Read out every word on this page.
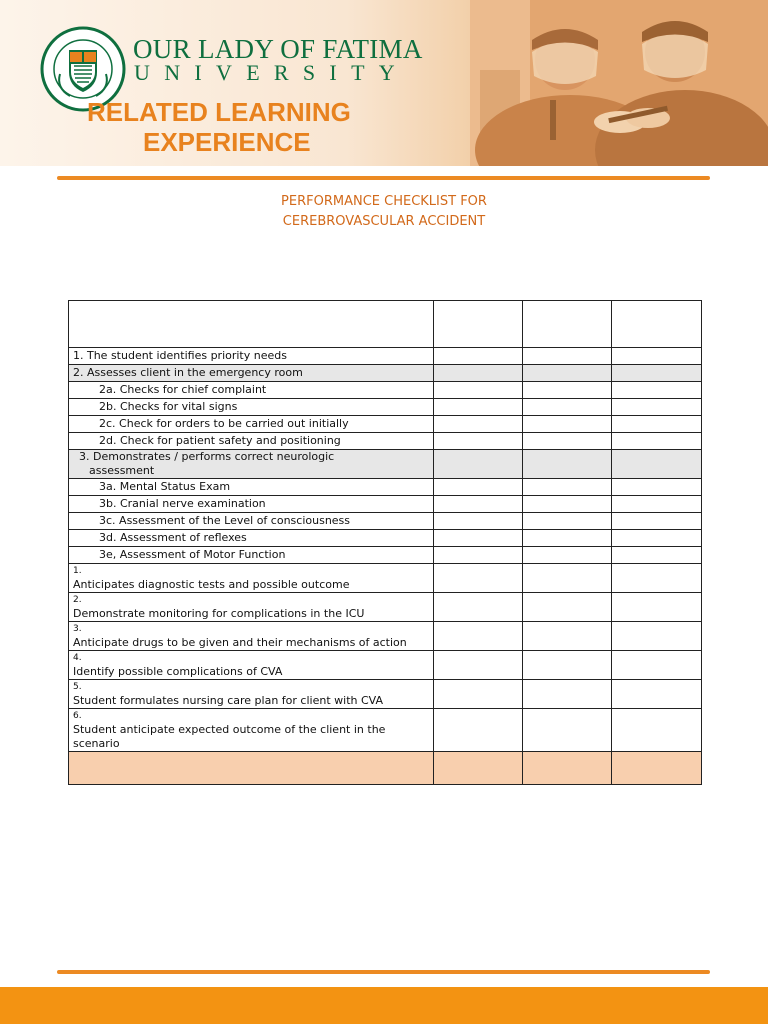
OUR LADY OF FATIMA
UNIVERSITY
RELATED LEARNING
EXPERIENCE
PERFORMANCE CHECKLIST FOR
CEREBROVASCULAR ACCIDENT

1. The student identifies priority needs			
2. Assesses client in the emergency room			
2a. Checks for chief complaint			
2b. Checks for vital signs			
2c. Check for orders to be carried out initially			
2d. Check for patient safety and positioning			

3. Demonstrates / performs correct neurologic
assessment			

3a. Mental Status Exam			
3b. Cranial nerve examination			
3c. Assessment of the Level of consciousness			
3d. Assessment of reflexes			
3e, Assessment of Motor Function			
1.Anticipates diagnostic tests and possible outcome			
2.Demonstrate monitoring for complications in the ICU			
3.Anticipate drugs to be given and their mechanisms of action			
4.Identify possible complications of CVA			
5.Student formulates nursing care plan for client with CVA			
6.Student anticipate expected outcome of the client in the scenario			
